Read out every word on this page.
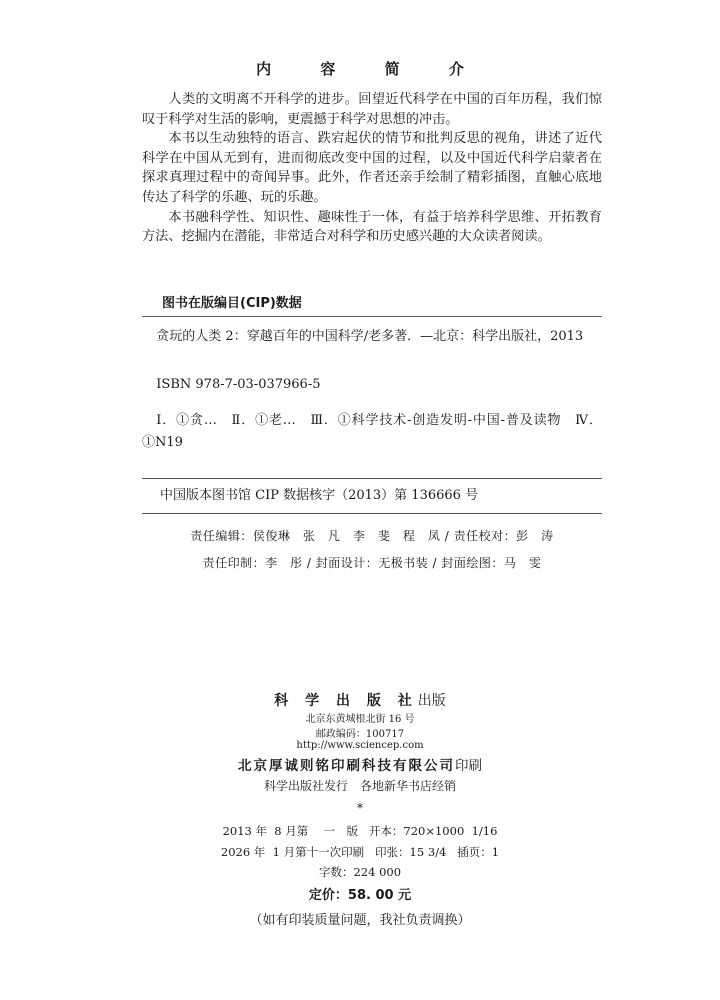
内 容 简 介

人类的文明离不开科学的进步。回望近代科学在中国的百年历程，我们惊叹于科学对生活的影响，更震撼于科学对思想的冲击。

本书以生动独特的语言、跌宕起伏的情节和批判反思的视角，讲述了近代科学在中国从无到有，进而彻底改变中国的过程，以及中国近代科学启蒙者在探求真理过程中的奇闻异事。此外，作者还亲手绘制了精彩插图，直触心底地传达了科学的乐趣、玩的乐趣。

本书融科学性、知识性、趣味性于一体，有益于培养科学思维、开拓教育方法、挖掘内在潜能，非常适合对科学和历史感兴趣的大众读者阅读。

图书在版编目(CIP)数据

贪玩的人类 2：穿越百年的中国科学/老多著．—北京：科学出版社，2013

ISBN 978-7-03-037966-5

Ⅰ．①贪…　Ⅱ．①老…　Ⅲ．①科学技术-创造发明-中国-普及读物　Ⅳ．①N19

中国版本图书馆 CIP 数据核字（2013）第 136666 号
责任编辑：侯俊琳　张　凡　李　斐　程　凤 / 责任校对：彭　涛
责任印制：李　彤 / 封面设计：无极书装 / 封面绘图：马　雯
科 学 出 版 社出版
北京东黄城根北街 16 号
邮政编码：100717
http://www.sciencep.com
北京厚诚则铭印刷科技有限公司印刷
科学出版社发行　各地新华书店经销
*
2013 年  8 月第　 一　版   开本：720×1000  1/16
2026 年  1 月第十一次印刷   印张：15 3/4   插页：1
字数：224 000
定价：58. 00 元
（如有印装质量问题，我社负责调换）
